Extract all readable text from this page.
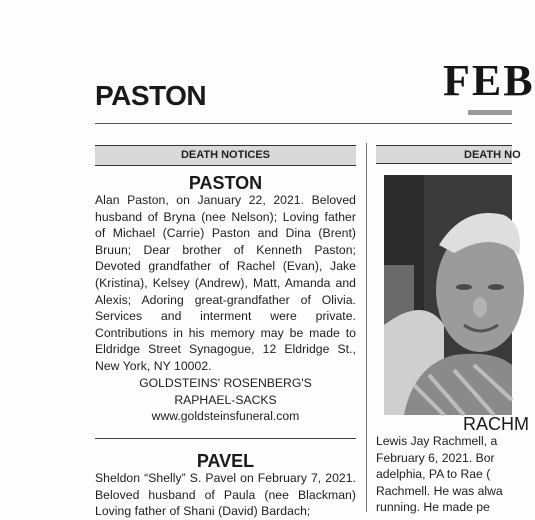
PASTON	FEB
DEATH NOTICES	DEATH NO
PASTON

Alan Paston, on January 22, 2021. Beloved husband of Bryna (nee Nelson); Loving father of Michael (Carrie) Paston and Dina (Brent) Bruun; Dear brother of Kenneth Paston; Devoted grandfather of Rachel (Evan), Jake (Kristina), Kelsey (Andrew), Matt, Amanda and Alexis; Adoring great-grandfather of Olivia. Services and interment were private. Contributions in his memory may be made to Eldridge Street Synagogue, 12 Eldridge St., New York, NY 10002.

GOLDSTEINS' ROSENBERG'S
RAPHAEL-SACKS
www.goldsteinsfuneral.com
PAVEL

Sheldon “Shelly” S. Pavel on February 7, 2021. Beloved husband of Paula (nee Blackman) Loving father of Shani (David) Bardach;

RACHM
Lewis Jay Rachmell, a
February 6, 2021. Bor
adelphia, PA to Rae (
Rachmell. He was alwa
running. He made pe
